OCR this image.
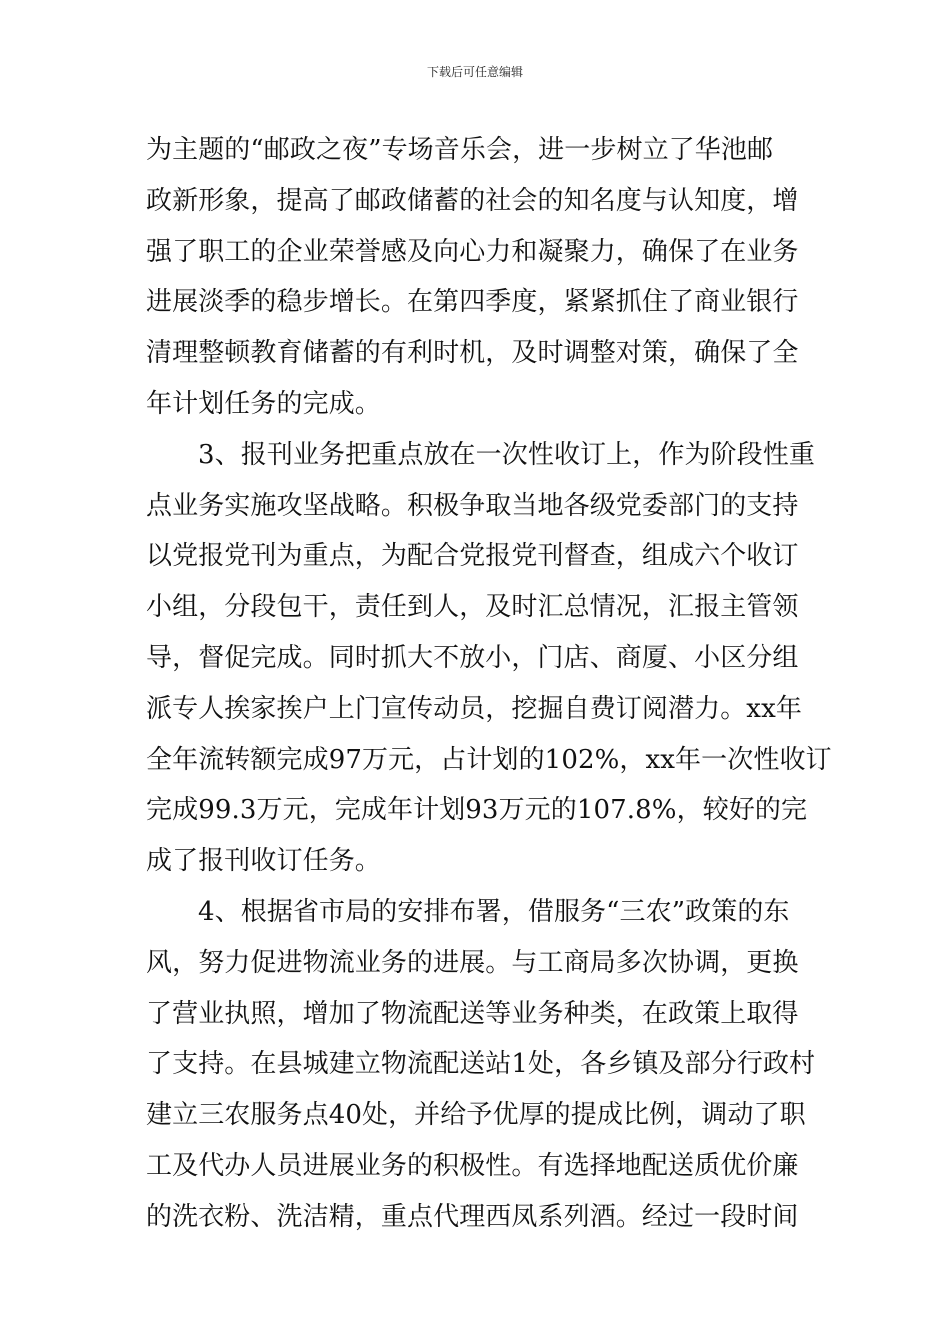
下载后可任意编辑
为主题的“邮政之夜”专场音乐会，进一步树立了华池邮
政新形象，提高了邮政储蓄的社会的知名度与认知度，增
强了职工的企业荣誉感及向心力和凝聚力，确保了在业务
进展淡季的稳步增长。在第四季度，紧紧抓住了商业银行
清理整顿教育储蓄的有利时机，及时调整对策，确保了全
年计划任务的完成。
3、报刊业务把重点放在一次性收订上，作为阶段性重
点业务实施攻坚战略。积极争取当地各级党委部门的支持
以党报党刊为重点，为配合党报党刊督查，组成六个收订
小组，分段包干，责任到人，及时汇总情况，汇报主管领
导，督促完成。同时抓大不放小，门店、商厦、小区分组
派专人挨家挨户上门宣传动员，挖掘自费订阅潜力。xx年
全年流转额完成97万元，占计划的102%，xx年一次性收订
完成99.3万元，完成年计划93万元的107.8%，较好的完
成了报刊收订任务。
4、根据省市局的安排布署，借服务“三农”政策的东
风，努力促进物流业务的进展。与工商局多次协调，更换
了营业执照，增加了物流配送等业务种类，在政策上取得
了支持。在县城建立物流配送站1处，各乡镇及部分行政村
建立三农服务点40处，并给予优厚的提成比例，调动了职
工及代办人员进展业务的积极性。有选择地配送质优价廉
的洗衣粉、洗洁精，重点代理西凤系列酒。经过一段时间
